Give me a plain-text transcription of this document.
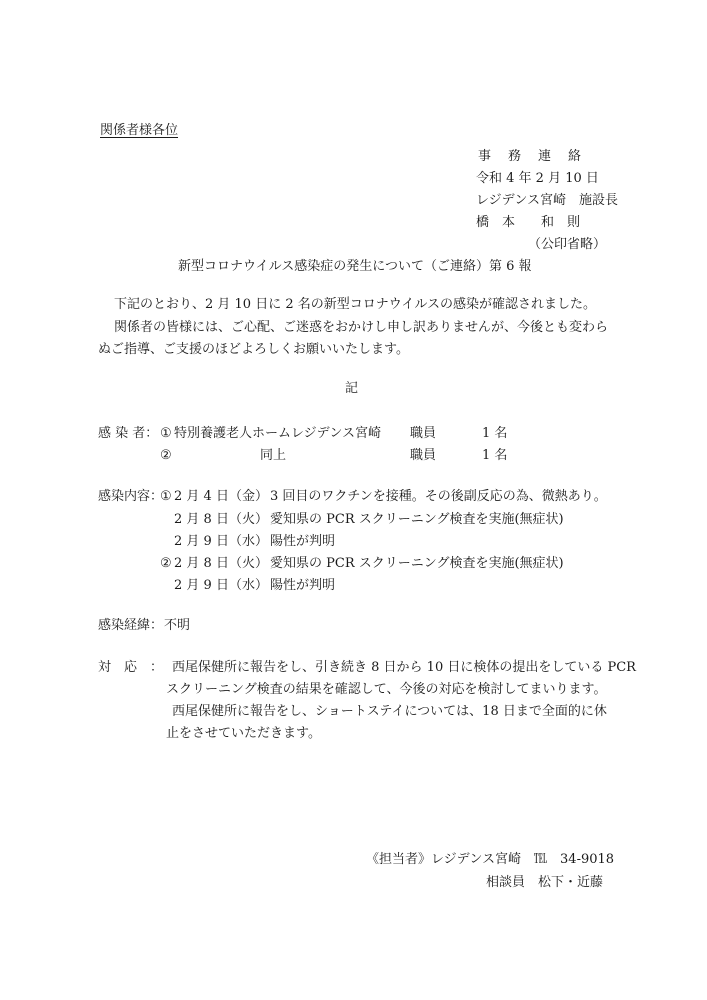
関係者様各位
事　務　連　絡
令和 4 年 2 月 10 日
レジデンス宮崎　施設長
橋　本　　和　則
（公印省略）
新型コロナウイルス感染症の発生について（ご連絡）第 6 報
下記のとおり、2 月 10 日に 2 名の新型コロナウイルスの感染が確認されました。
関係者の皆様には、ご心配、ご迷惑をおかけし申し訳ありませんが、今後とも変わら
ぬご指導、ご支援のほどよろしくお願いいたします。
記
感 染 者： ① 特別養護老人ホームレジデンス宮崎 職員	1 名
②	同上	職員	1 名
感染内容：
① 2 月 4 日（金） 3 回目のワクチンを接種。その後副反応の為、微熱あり。
2 月 8 日（火） 愛知県の PCR スクリーニング検査を実施(無症状)
2 月 9 日（水） 陽性が判明
② 2 月 8 日（火） 愛知県の PCR スクリーニング検査を実施(無症状)
2 月 9 日（水） 陽性が判明
感染経緯： 不明
対　応　： 西尾保健所に報告をし、引き続き 8 日から 10 日に検体の提出をしている PCR
スクリーニング検査の結果を確認して、今後の対応を検討してまいります。
西尾保健所に報告をし、ショートステイについては、18 日まで全面的に休
止をさせていただきます。
《担当者》レジデンス宮崎　℡　34-9018
相談員　松下・近藤
